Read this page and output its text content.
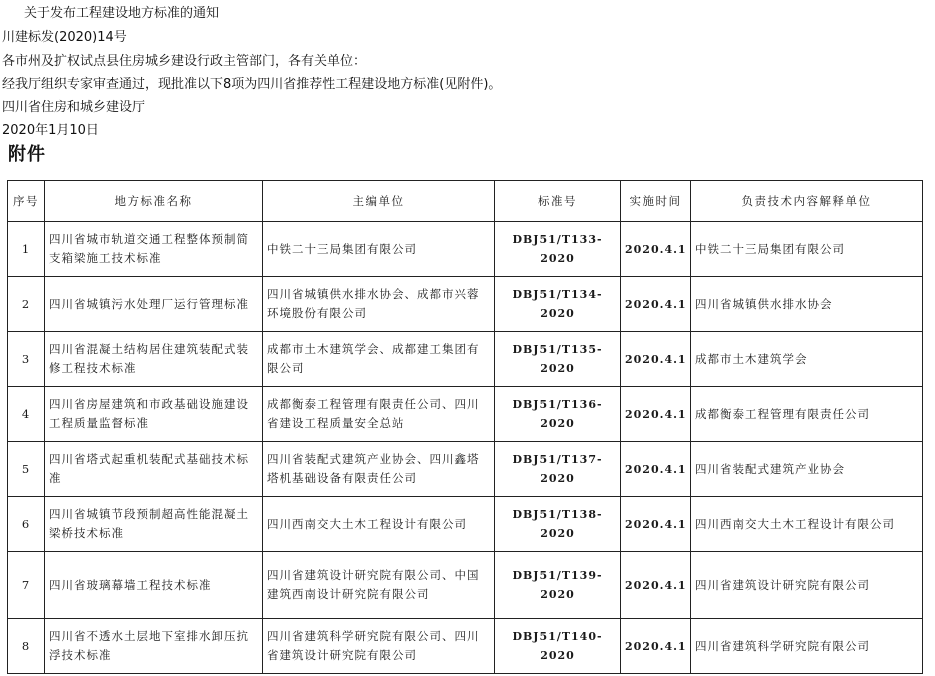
关于发布工程建设地方标准的通知
川建标发(2020)14号
各市州及扩权试点县住房城乡建设行政主管部门，各有关单位：
经我厅组织专家审查通过，现批准以下8项为四川省推荐性工程建设地方标准(见附件)。
四川省住房和城乡建设厅
2020年1月10日
附件
序号	地方标准名称	主编单位	标准号	实施时间	负责技术内容解释单位
1	四川省城市轨道交通工程整体预制简支箱梁施工技术标准	中铁二十三局集团有限公司	DBJ51/T133-2020	2020.4.1	中铁二十三局集团有限公司
2	四川省城镇污水处理厂运行管理标准	四川省城镇供水排水协会、成都市兴蓉环境股份有限公司	DBJ51/T134-2020	2020.4.1	四川省城镇供水排水协会
3	四川省混凝土结构居住建筑装配式装修工程技术标准	成都市土木建筑学会、成都建工集团有限公司	DBJ51/T135-2020	2020.4.1	成都市土木建筑学会
4	四川省房屋建筑和市政基础设施建设工程质量监督标准	成都衡泰工程管理有限责任公司、四川省建设工程质量安全总站	DBJ51/T136-2020	2020.4.1	成都衡泰工程管理有限责任公司
5	四川省塔式起重机装配式基础技术标准	四川省装配式建筑产业协会、四川鑫塔塔机基础设备有限责任公司	DBJ51/T137-2020	2020.4.1	四川省装配式建筑产业协会
6	四川省城镇节段预制超高性能混凝土梁桥技术标准	四川西南交大土木工程设计有限公司	DBJ51/T138-2020	2020.4.1	四川西南交大土木工程设计有限公司
7	四川省玻璃幕墙工程技术标准	四川省建筑设计研究院有限公司、中国建筑西南设计研究院有限公司	DBJ51/T139-2020	2020.4.1	四川省建筑设计研究院有限公司
8	四川省不透水土层地下室排水卸压抗浮技术标准	四川省建筑科学研究院有限公司、四川省建筑设计研究院有限公司	DBJ51/T140-2020	2020.4.1	四川省建筑科学研究院有限公司
